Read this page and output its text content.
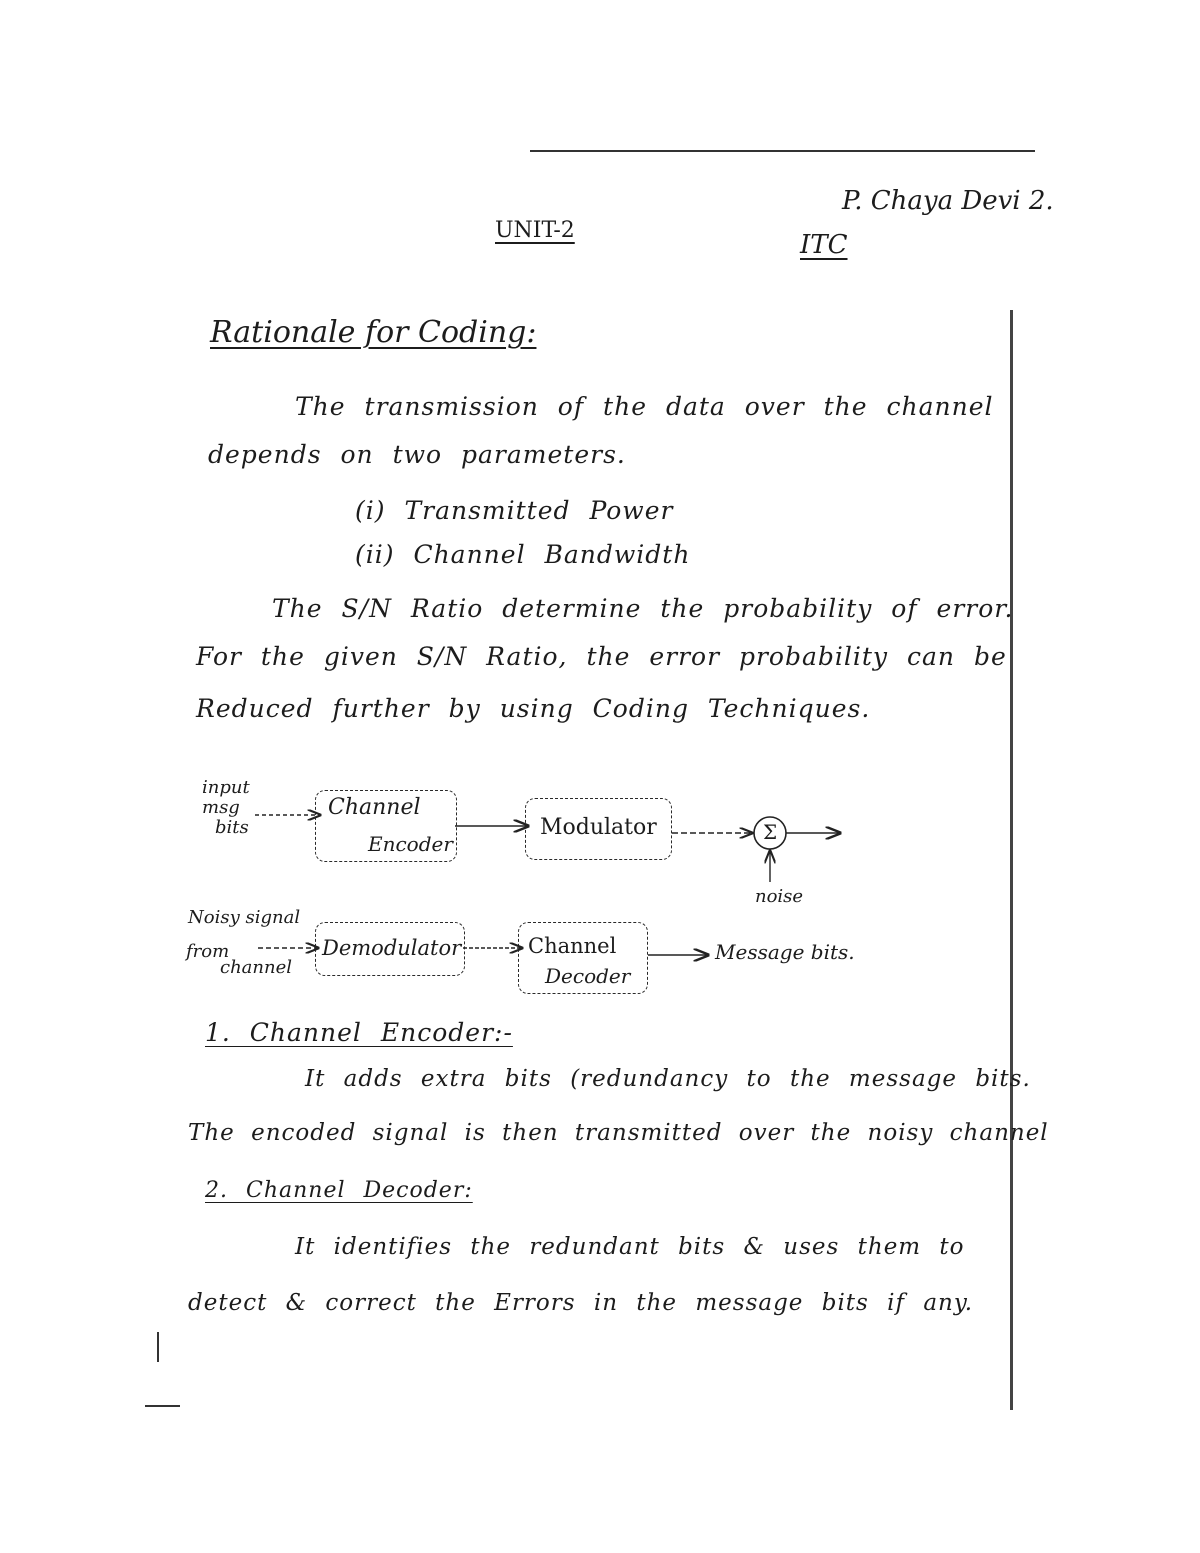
P. Chaya Devi 2.
UNIT-2	ITC
Rationale for Coding:
The transmission of the data over the channel
depends on two parameters.
(i) Transmitted Power
(ii) Channel Bandwidth
The S/N Ratio determine the probability of error.
For the given S/N Ratio, the error probability can be
Reduced further by using Coding Techniques.
input
msg
bits
Channel
Encoder
Modulator	Σ
noise
Noisy signal
from
channel
Demodulator	Channel
Decoder
Message bits.
1. Channel Encoder:-
It adds extra bits (redundancy to the message bits.
The encoded signal is then transmitted over the noisy channel
2. Channel Decoder:
It identifies the redundant bits & uses them to
detect & correct the Errors in the message bits if any.
